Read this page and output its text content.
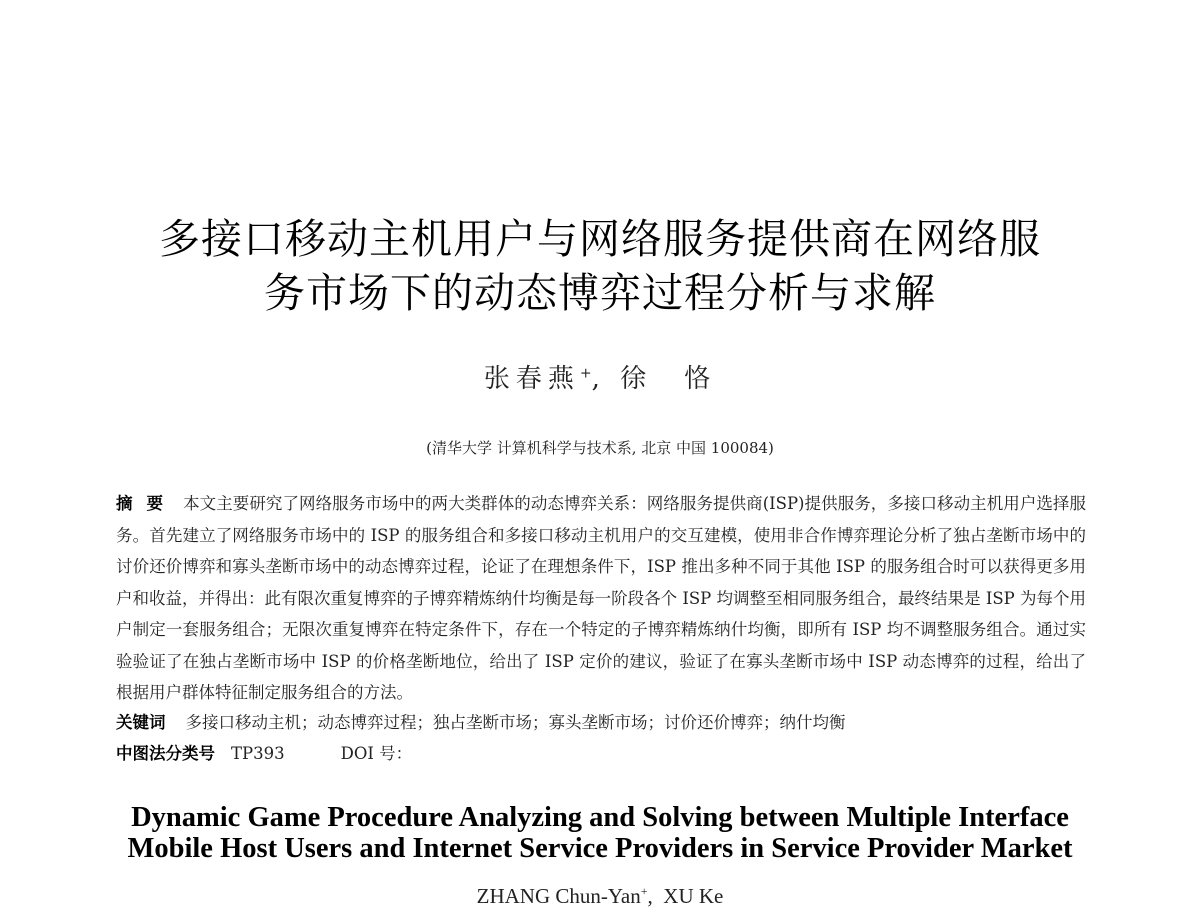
多接口移动主机用户与网络服务提供商在网络服
务市场下的动态博弈过程分析与求解
张春燕+, 徐　恪
(清华大学 计算机科学与技术系, 北京 中国 100084)
摘要 本文主要研究了网络服务市场中的两大类群体的动态博弈关系：网络服务提供商(ISP)提供服务，多接口移动主机用户选择服务。首先建立了网络服务市场中的 ISP 的服务组合和多接口移动主机用户的交互建模，使用非合作博弈理论分析了独占垄断市场中的讨价还价博弈和寡头垄断市场中的动态博弈过程，论证了在理想条件下，ISP 推出多种不同于其他 ISP 的服务组合时可以获得更多用户和收益，并得出：此有限次重复博弈的子博弈精炼纳什均衡是每一阶段各个 ISP 均调整至相同服务组合，最终结果是 ISP 为每个用户制定一套服务组合；无限次重复博弈在特定条件下，存在一个特定的子博弈精炼纳什均衡，即所有 ISP 均不调整服务组合。通过实验验证了在独占垄断市场中 ISP 的价格垄断地位，给出了 ISP 定价的建议，验证了在寡头垄断市场中 ISP 动态博弈的过程，给出了根据用户群体特征制定服务组合的方法。
关键词 多接口移动主机；动态博弈过程；独占垄断市场；寡头垄断市场；讨价还价博弈；纳什均衡
中图法分类号 TP393	DOI 号：
Dynamic Game Procedure Analyzing and Solving between Multiple Interface
Mobile Host Users and Internet Service Providers in Service Provider Market
ZHANG Chun-Yan+,  XU Ke
